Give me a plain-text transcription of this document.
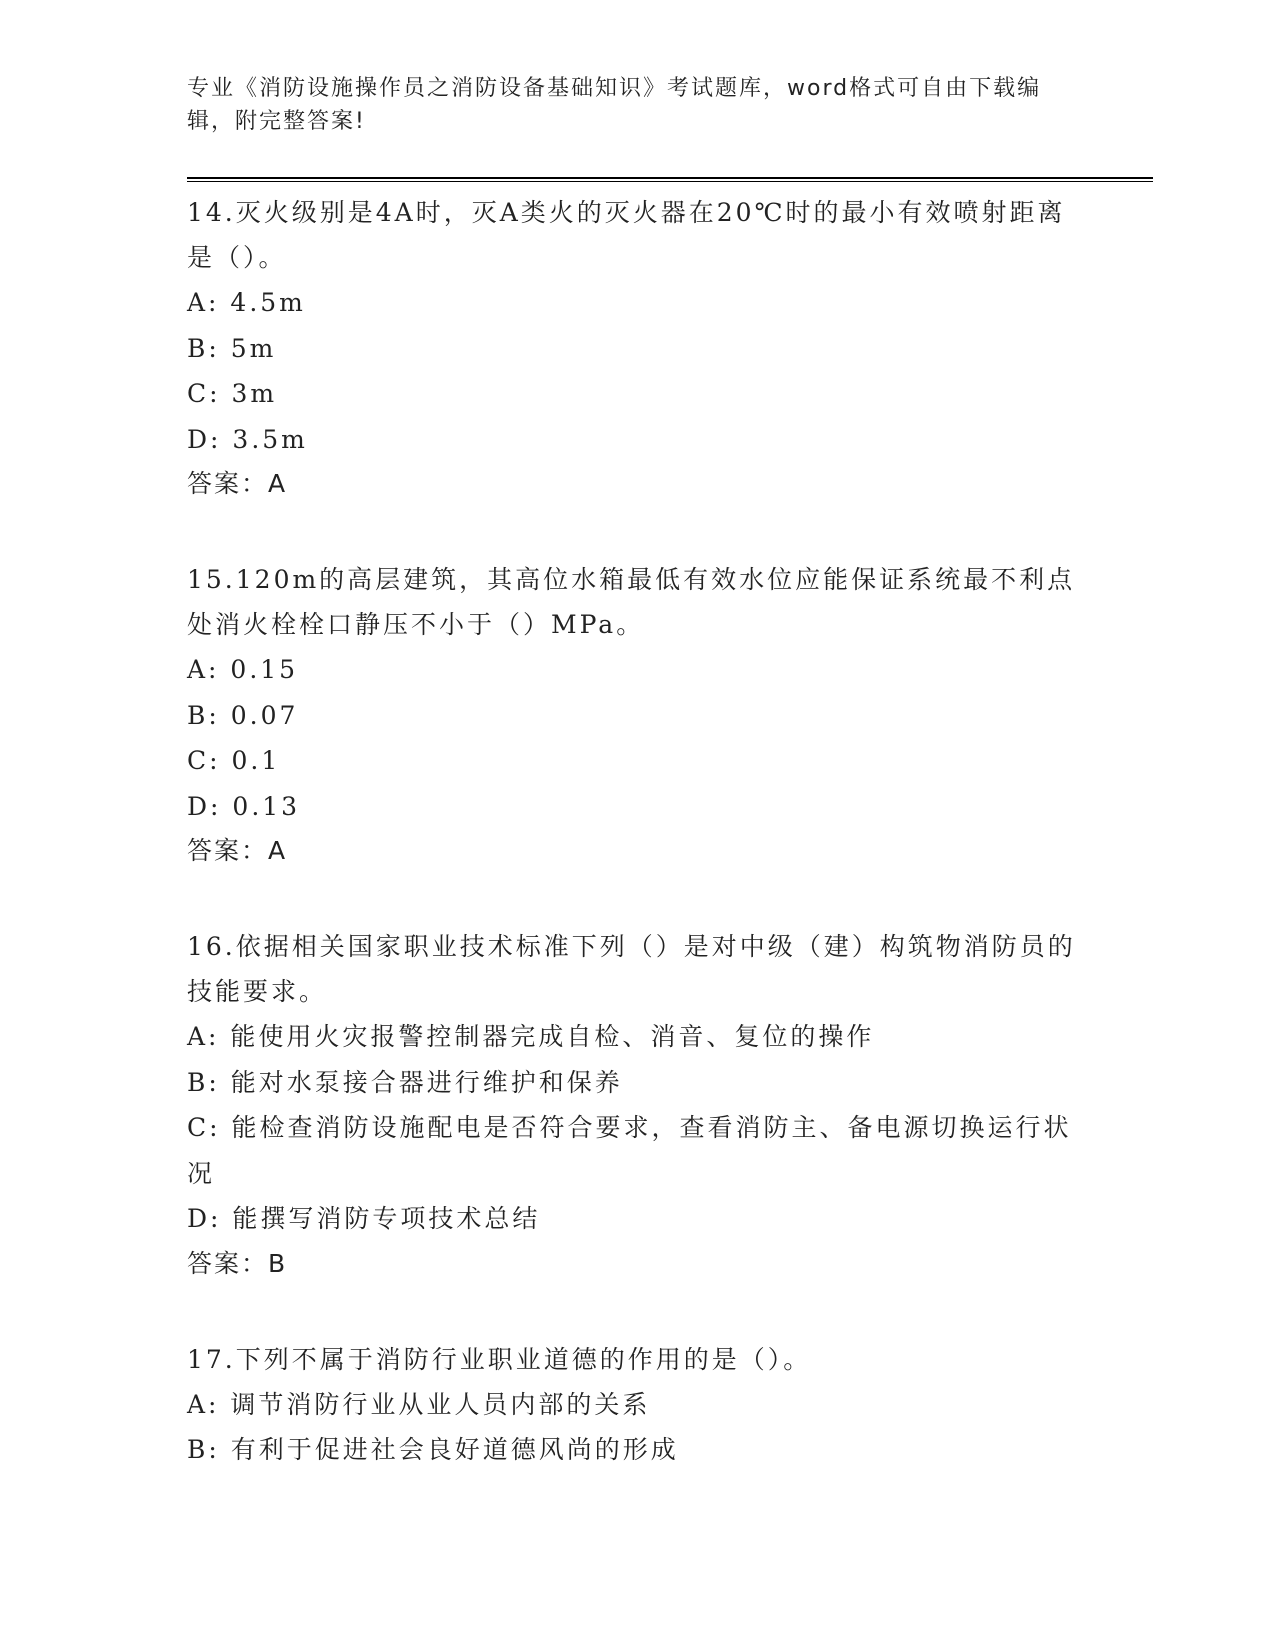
专业《消防设施操作员之消防设备基础知识》考试题库，word格式可自由下载编辑，附完整答案!

14.灭火级别是4A时，灭A类火的灭火器在20℃时的最小有效喷射距离是（）。

A: 4.5m

B: 5m

C: 3m

D: 3.5m

答案：A

15.120m的高层建筑，其高位水箱最低有效水位应能保证系统最不利点处消火栓栓口静压不小于（）MPa。

A: 0.15

B: 0.07

C: 0.1

D: 0.13

答案：A

16.依据相关国家职业技术标准下列（）是对中级（建）构筑物消防员的技能要求。

A: 能使用火灾报警控制器完成自检、消音、复位的操作

B: 能对水泵接合器进行维护和保养

C: 能检查消防设施配电是否符合要求，查看消防主、备电源切换运行状况

D: 能撰写消防专项技术总结

答案：B

17.下列不属于消防行业职业道德的作用的是（）。

A: 调节消防行业从业人员内部的关系

B: 有利于促进社会良好道德风尚的形成
